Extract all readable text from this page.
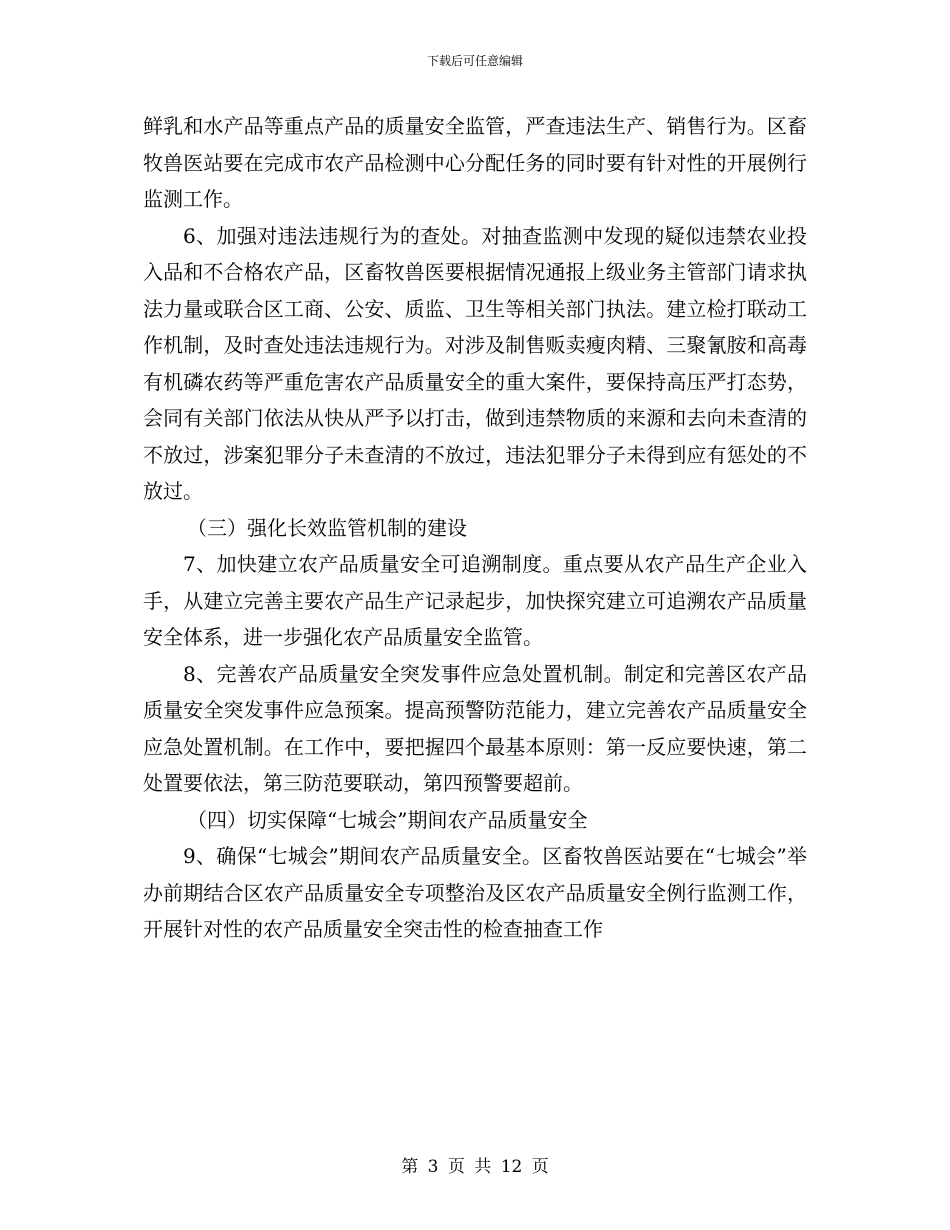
下载后可任意编辑

鲜乳和水产品等重点产品的质量安全监管，严查违法生产、销售行为。区畜牧兽医站要在完成市农产品检测中心分配任务的同时要有针对性的开展例行监测工作。

6、加强对违法违规行为的查处。对抽查监测中发现的疑似违禁农业投入品和不合格农产品，区畜牧兽医要根据情况通报上级业务主管部门请求执法力量或联合区工商、公安、质监、卫生等相关部门执法。建立检打联动工作机制，及时查处违法违规行为。对涉及制售贩卖瘦肉精、三聚氰胺和高毒有机磷农药等严重危害农产品质量安全的重大案件，要保持高压严打态势，会同有关部门依法从快从严予以打击，做到违禁物质的来源和去向未查清的不放过，涉案犯罪分子未查清的不放过，违法犯罪分子未得到应有惩处的不放过。

（三）强化长效监管机制的建设

7、加快建立农产品质量安全可追溯制度。重点要从农产品生产企业入手，从建立完善主要农产品生产记录起步，加快探究建立可追溯农产品质量安全体系，进一步强化农产品质量安全监管。

8、完善农产品质量安全突发事件应急处置机制。制定和完善区农产品质量安全突发事件应急预案。提高预警防范能力，建立完善农产品质量安全应急处置机制。在工作中，要把握四个最基本原则：第一反应要快速，第二处置要依法，第三防范要联动，第四预警要超前。

（四）切实保障“七城会”期间农产品质量安全

9、确保“七城会”期间农产品质量安全。区畜牧兽医站要在“七城会”举办前期结合区农产品质量安全专项整治及区农产品质量安全例行监测工作，开展针对性的农产品质量安全突击性的检查抽查工作

第 3 页 共 12 页
